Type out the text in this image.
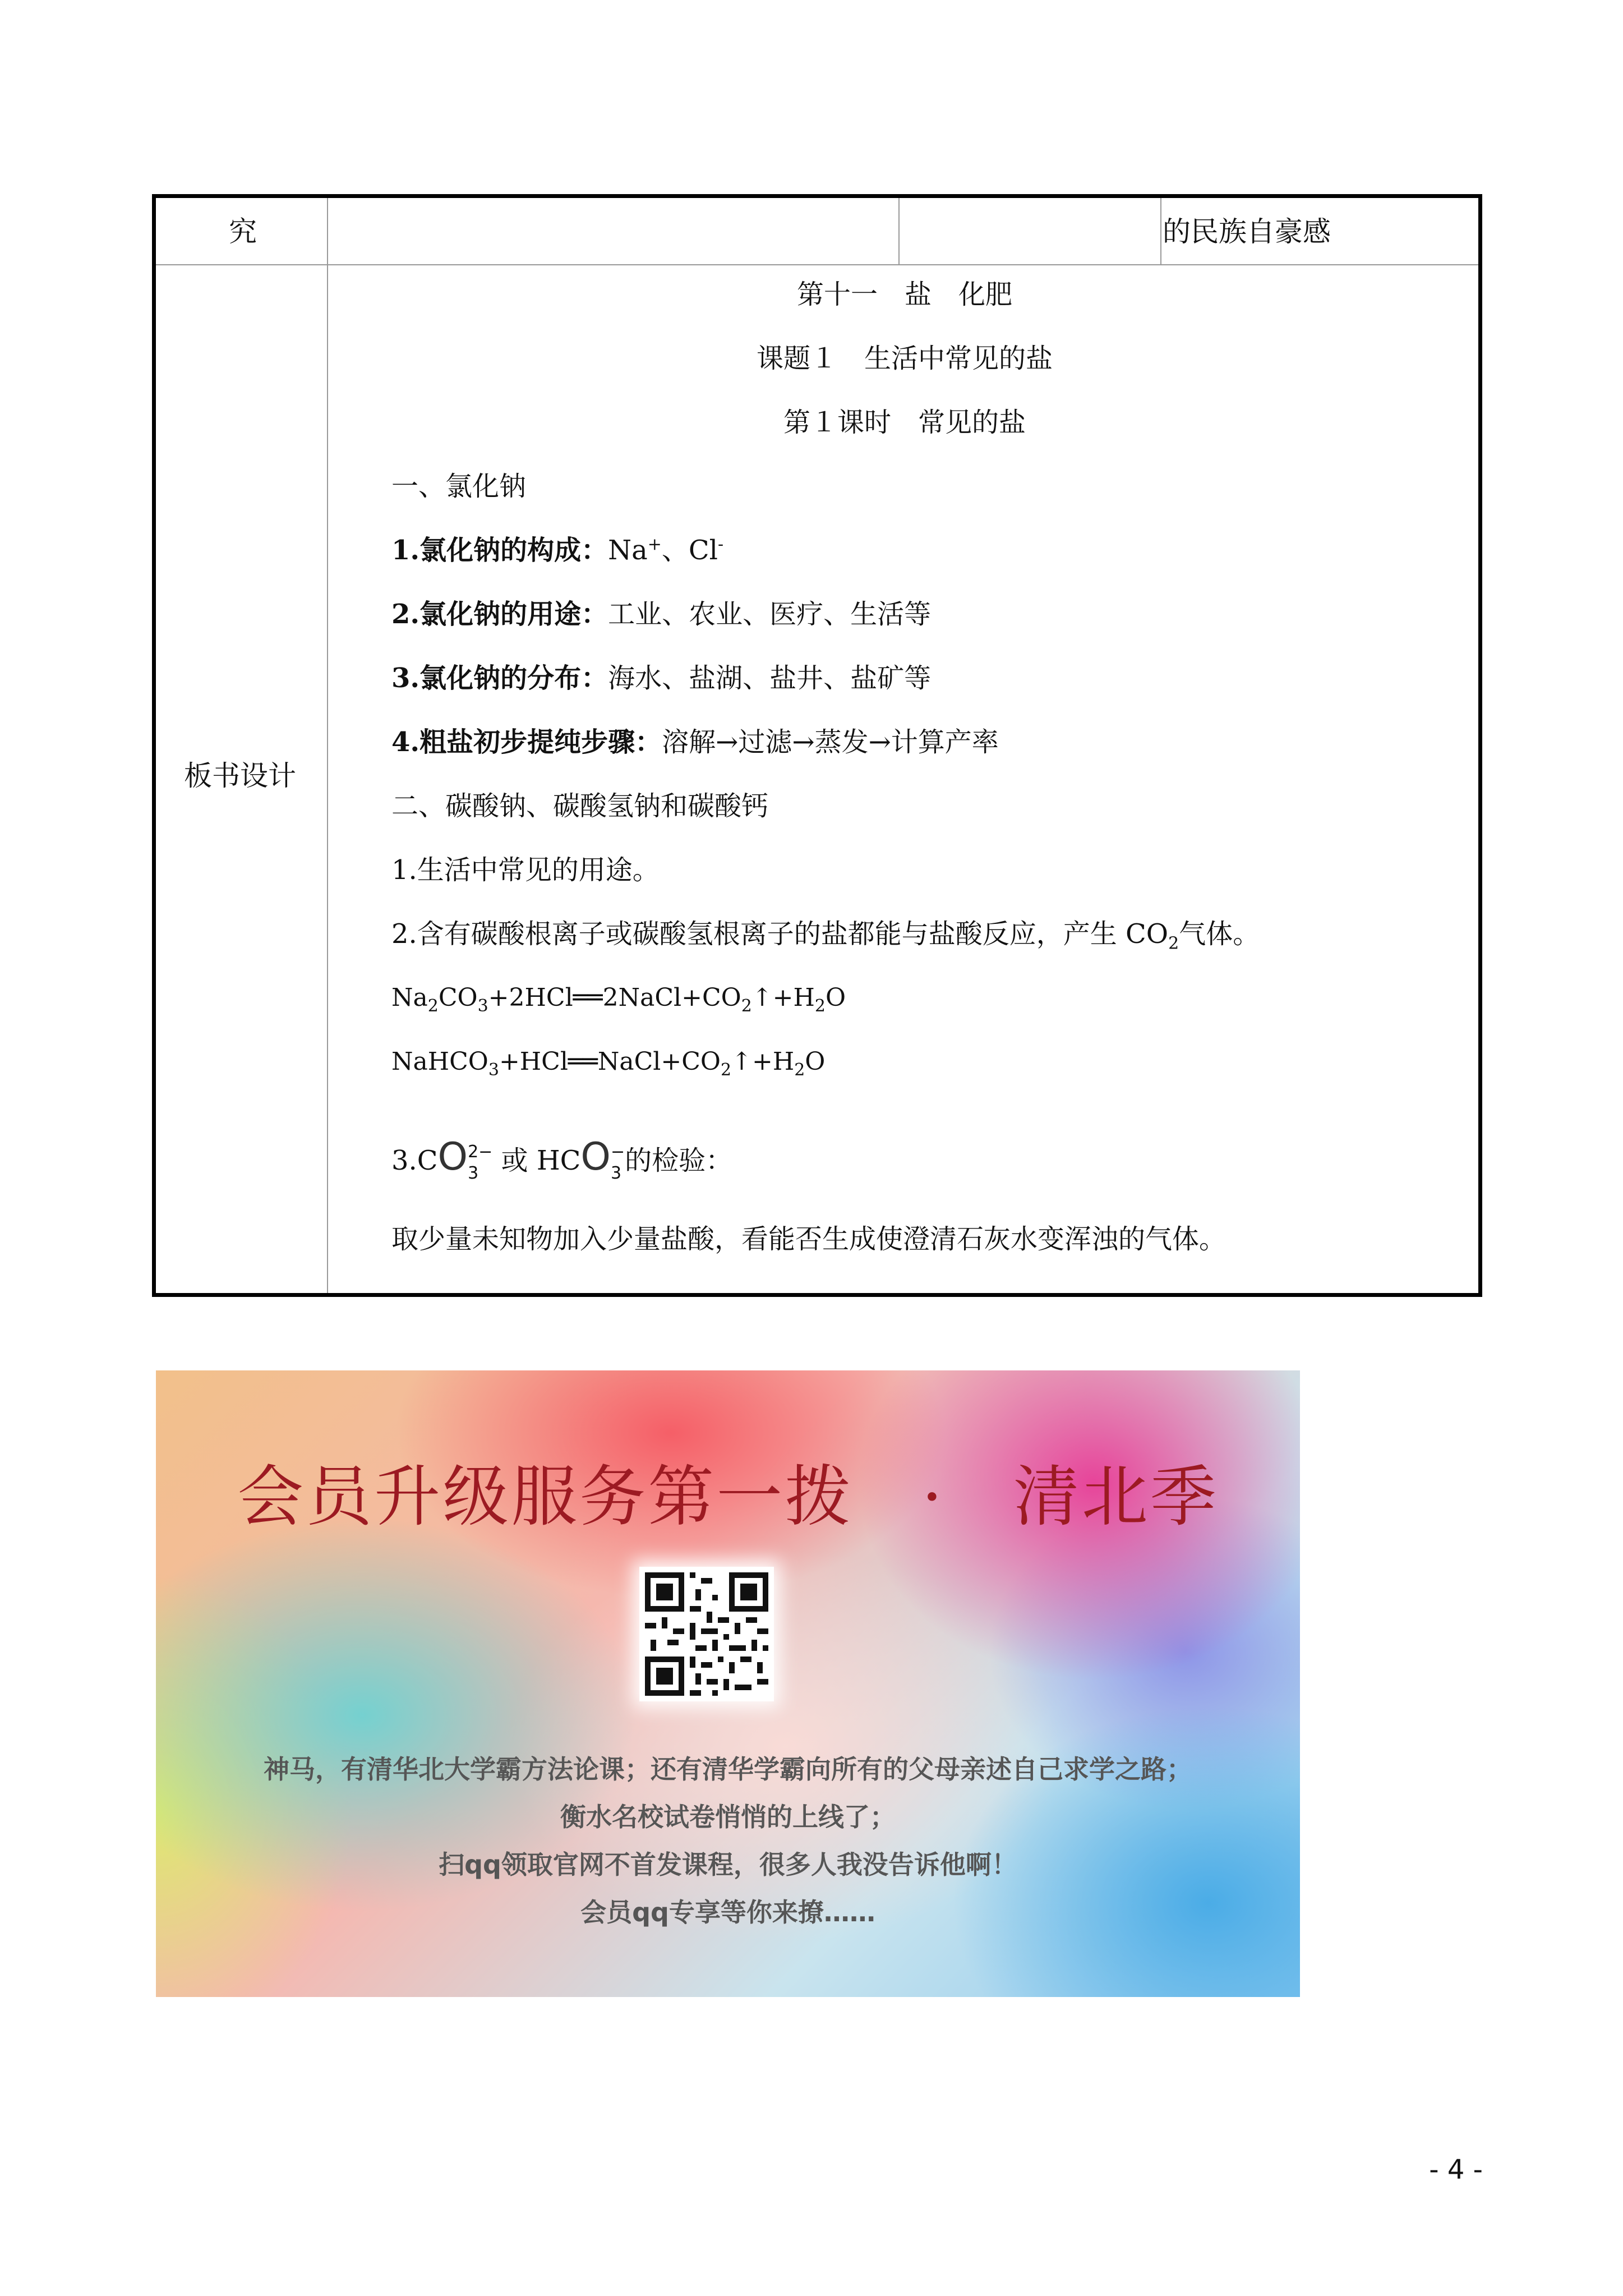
究	的民族自豪感
板书设计
第十一　盐　化肥
课题１　生活中常见的盐
第１课时　常见的盐
一、氯化钠
1.氯化钠的构成：Na+、Cl-
2.氯化钠的用途：工业、农业、医疗、生活等
3.氯化钠的分布：海水、盐湖、盐井、盐矿等
4.粗盐初步提纯步骤：溶解→过滤→蒸发→计算产率
二、碳酸钠、碳酸氢钠和碳酸钙
1.生活中常见的用途。
2.含有碳酸根离子或碳酸氢根离子的盐都能与盐酸反应，产生 $CO_2$气体。
$Na_2CO_3+2HCl══2NaCl+CO_2↑+H_2O$
$NaHCO_3+HCl══NaCl+CO_2↑+H_2O$
3.CO 2−
3 或 HCO −
3 的检验：
取少量未知物加入少量盐酸，看能否生成使澄清石灰水变浑浊的气体。
会员升级服务第一拨　·　清北季
神马，有清华北大学霸方法论课；还有清华学霸向所有的父母亲述自己求学之路；
衡水名校试卷悄悄的上线了；
扫qq领取官网不首发课程，很多人我没告诉他啊！
会员qq专享等你来撩……
- 4 -
